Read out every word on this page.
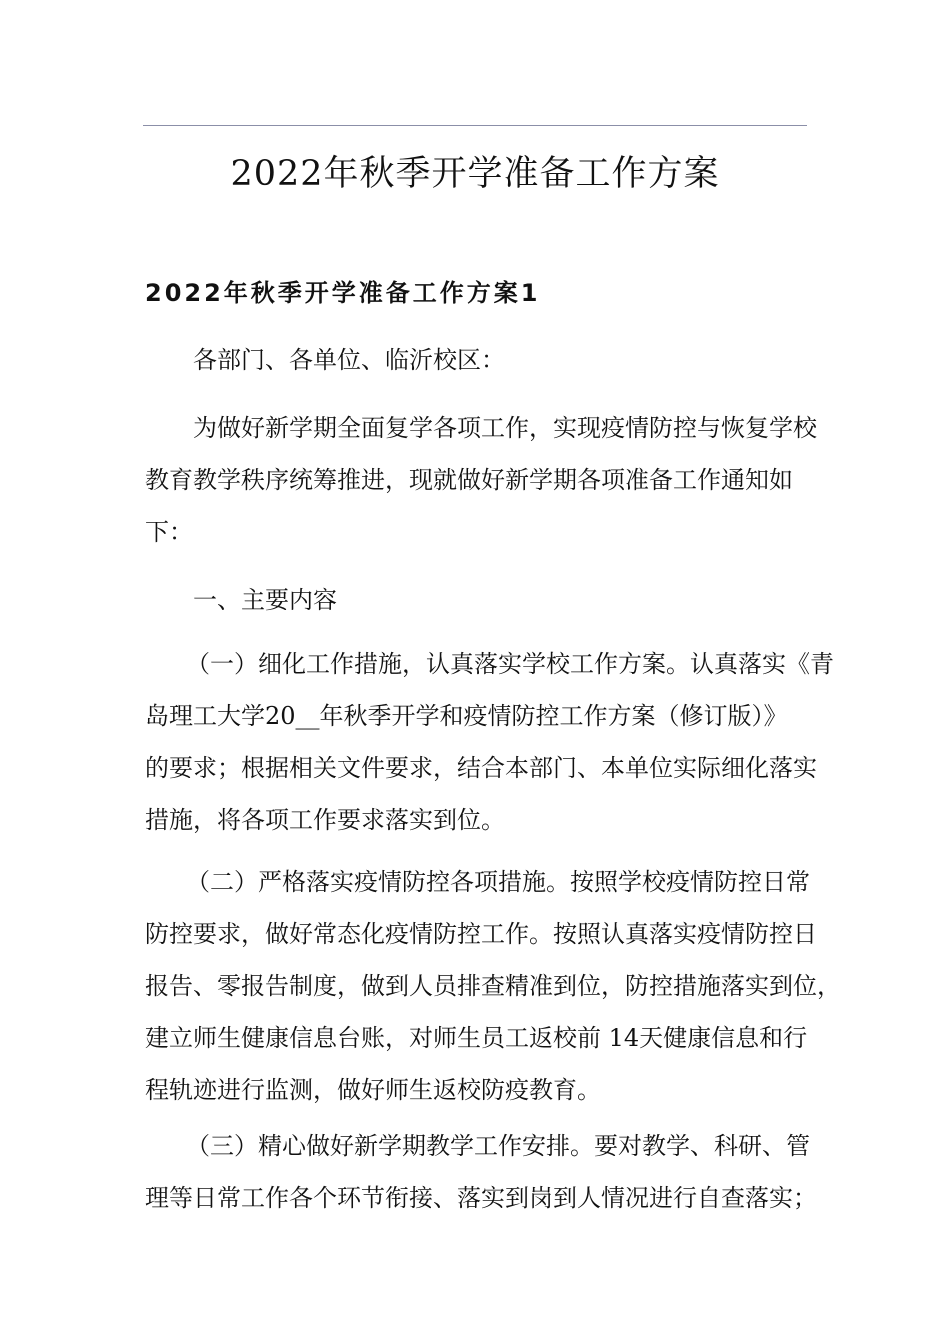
2022年秋季开学准备工作方案
2022年秋季开学准备工作方案1

各部门、各单位、临沂校区：

为做好新学期全面复学各项工作，实现疫情防控与恢复学校

教育教学秩序统筹推进，现就做好新学期各项准备工作通知如

下：

一、主要内容

（一）细化工作措施，认真落实学校工作方案。认真落实《青

岛理工大学20__年秋季开学和疫情防控工作方案（修订版）》

的要求；根据相关文件要求，结合本部门、本单位实际细化落实

措施，将各项工作要求落实到位。

（二）严格落实疫情防控各项措施。按照学校疫情防控日常

防控要求，做好常态化疫情防控工作。按照认真落实疫情防控日

报告、零报告制度，做到人员排查精准到位，防控措施落实到位，

建立师生健康信息台账，对师生员工返校前 14天健康信息和行

程轨迹进行监测，做好师生返校防疫教育。

（三）精心做好新学期教学工作安排。要对教学、科研、管

理等日常工作各个环节衔接、落实到岗到人情况进行自查落实；
